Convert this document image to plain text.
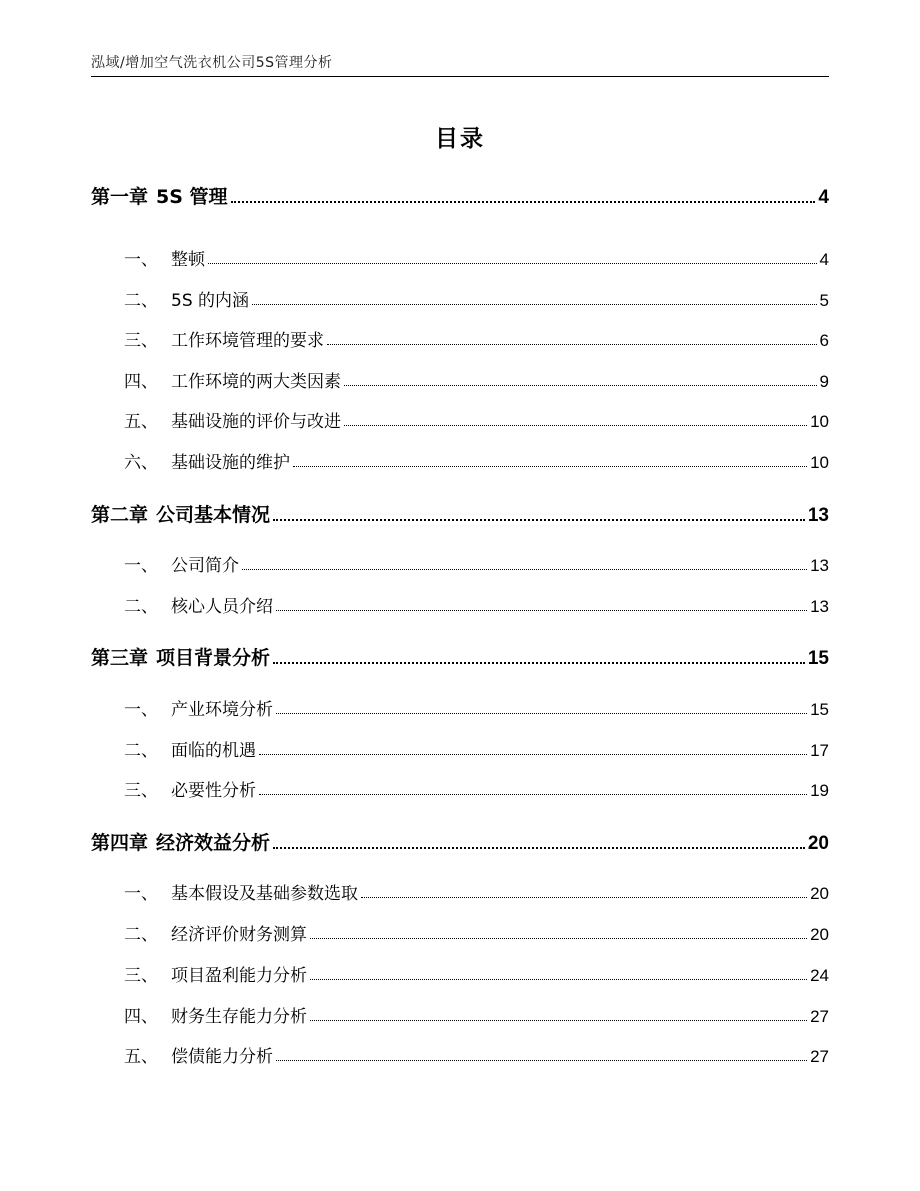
泓域/增加空气洗衣机公司5S管理分析
目录
第一章 5S 管理	4
一、 整顿	4
二、 5S 的内涵	5
三、 工作环境管理的要求	6
四、 工作环境的两大类因素	9
五、 基础设施的评价与改进	10
六、 基础设施的维护	10
第二章 公司基本情况	13
一、 公司简介	13
二、 核心人员介绍	13
第三章 项目背景分析	15
一、 产业环境分析	15
二、 面临的机遇	17
三、 必要性分析	19
第四章 经济效益分析	20
一、 基本假设及基础参数选取	20
二、 经济评价财务测算	20
三、 项目盈利能力分析	24
四、 财务生存能力分析	27
五、 偿债能力分析	27
